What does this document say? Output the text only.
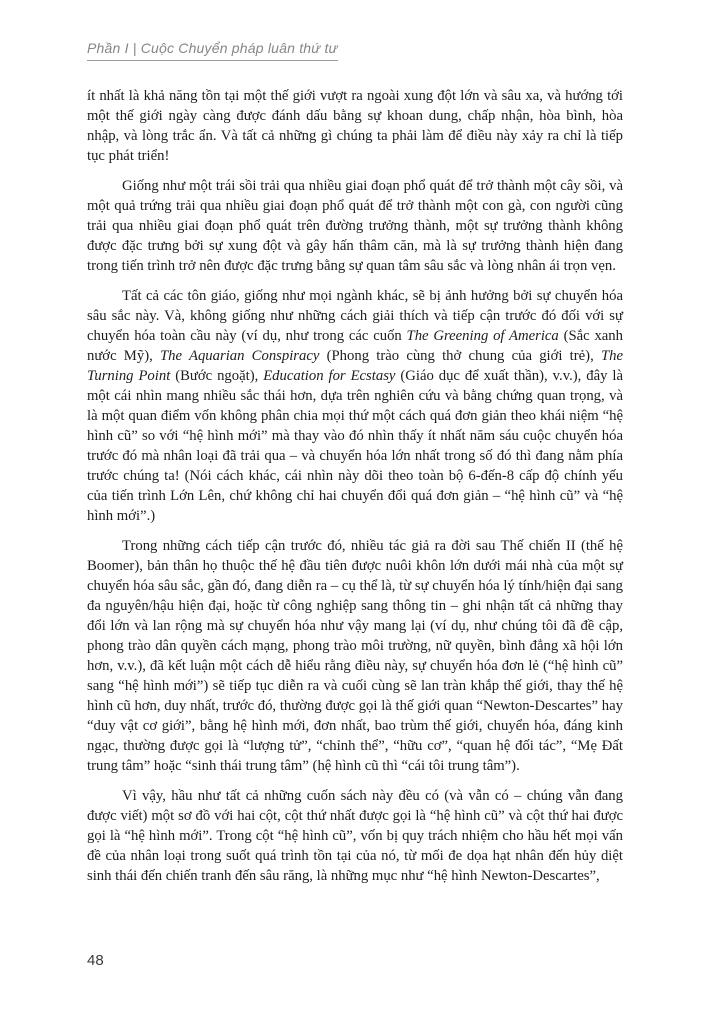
Phần I | Cuộc Chuyển pháp luân thứ tư

ít nhất là khả năng tồn tại một thế giới vượt ra ngoài xung đột lớn và sâu xa, và hướng tới một thế giới ngày càng được đánh dấu bằng sự khoan dung, chấp nhận, hòa bình, hòa nhập, và lòng trắc ẩn. Và tất cả những gì chúng ta phải làm để điều này xảy ra chỉ là tiếp tục phát triển!

Giống như một trái sồi trải qua nhiều giai đoạn phổ quát để trở thành một cây sồi, và một quả trứng trải qua nhiều giai đoạn phổ quát để trở thành một con gà, con người cũng trải qua nhiều giai đoạn phổ quát trên đường trưởng thành, một sự trưởng thành không được đặc trưng bởi sự xung đột và gây hấn thâm căn, mà là sự trưởng thành hiện đang trong tiến trình trở nên được đặc trưng bằng sự quan tâm sâu sắc và lòng nhân ái trọn vẹn.

Tất cả các tôn giáo, giống như mọi ngành khác, sẽ bị ảnh hưởng bởi sự chuyển hóa sâu sắc này. Và, không giống như những cách giải thích và tiếp cận trước đó đối với sự chuyển hóa toàn cầu này (ví dụ, như trong các cuốn The Greening of America (Sắc xanh nước Mỹ), The Aquarian Conspiracy (Phong trào cùng thở chung của giới trẻ), The Turning Point (Bước ngoặt), Education for Ecstasy (Giáo dục để xuất thần), v.v.), đây là một cái nhìn mang nhiều sắc thái hơn, dựa trên nghiên cứu và bằng chứng quan trọng, và là một quan điểm vốn không phân chia mọi thứ một cách quá đơn giản theo khái niệm “hệ hình cũ” so với “hệ hình mới” mà thay vào đó nhìn thấy ít nhất năm sáu cuộc chuyển hóa trước đó mà nhân loại đã trải qua – và chuyển hóa lớn nhất trong số đó thì đang nằm phía trước chúng ta! (Nói cách khác, cái nhìn này dõi theo toàn bộ 6-đến-8 cấp độ chính yếu của tiến trình Lớn Lên, chứ không chỉ hai chuyển đổi quá đơn giản – “hệ hình cũ” và “hệ hình mới”.)

Trong những cách tiếp cận trước đó, nhiều tác giả ra đời sau Thế chiến II (thế hệ Boomer), bản thân họ thuộc thế hệ đầu tiên được nuôi khôn lớn dưới mái nhà của một sự chuyển hóa sâu sắc, gần đó, đang diễn ra – cụ thể là, từ sự chuyển hóa lý tính/hiện đại sang đa nguyên/hậu hiện đại, hoặc từ công nghiệp sang thông tin – ghi nhận tất cả những thay đổi lớn và lan rộng mà sự chuyển hóa như vậy mang lại (ví dụ, như chúng tôi đã đề cập, phong trào dân quyền cách mạng, phong trào môi trường, nữ quyền, bình đẳng xã hội lớn hơn, v.v.), đã kết luận một cách dễ hiểu rằng điều này, sự chuyển hóa đơn lẻ (“hệ hình cũ” sang “hệ hình mới”) sẽ tiếp tục diễn ra và cuối cùng sẽ lan tràn khắp thế giới, thay thế hệ hình cũ hơn, duy nhất, trước đó, thường được gọi là thế giới quan “Newton-Descartes” hay “duy vật cơ giới”, bằng hệ hình mới, đơn nhất, bao trùm thế giới, chuyển hóa, đáng kinh ngạc, thường được gọi là “lượng tử”, “chỉnh thể”, “hữu cơ”, “quan hệ đối tác”, “Mẹ Đất trung tâm” hoặc “sinh thái trung tâm” (hệ hình cũ thì “cái tôi trung tâm”).

Vì vậy, hầu như tất cả những cuốn sách này đều có (và vẫn có – chúng vẫn đang được viết) một sơ đồ với hai cột, cột thứ nhất được gọi là “hệ hình cũ” và cột thứ hai được gọi là “hệ hình mới”. Trong cột “hệ hình cũ”, vốn bị quy trách nhiệm cho hầu hết mọi vấn đề của nhân loại trong suốt quá trình tồn tại của nó, từ mối đe dọa hạt nhân đến hủy diệt sinh thái đến chiến tranh đến sâu răng, là những mục như “hệ hình Newton-Descartes”,

48
